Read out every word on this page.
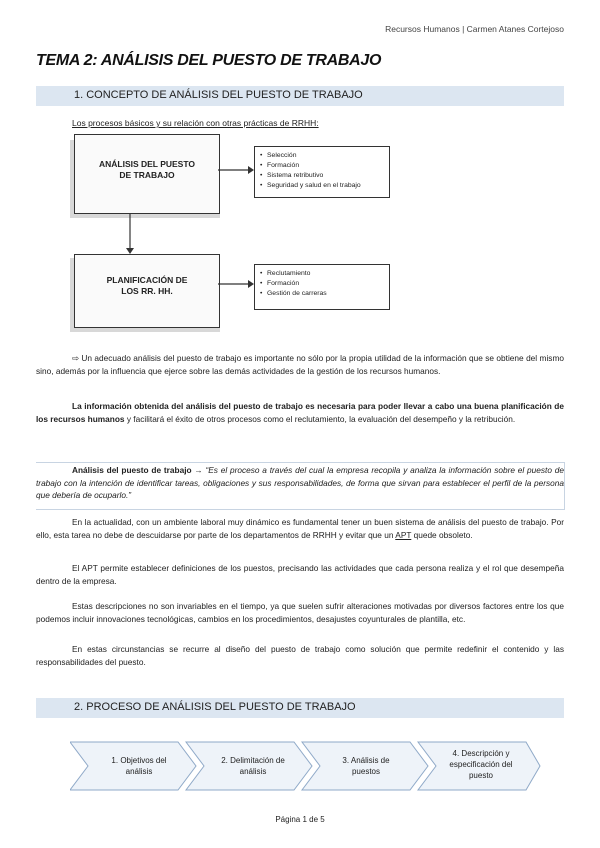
Recursos Humanos | Carmen Atanes Cortejoso
TEMA 2: ANÁLISIS DEL PUESTO DE TRABAJO
1. CONCEPTO DE ANÁLISIS DEL PUESTO DE TRABAJO
Los procesos básicos y su relación con otras prácticas de RRHH:
ANÁLISIS DEL PUESTO DE TRABAJO
• Selección
• Formación
• Sistema retributivo
• Seguridad y salud en el trabajo
PLANIFICACIÓN DE LOS RR. HH.
• Reclutamiento
• Formación
• Gestión de carreras
⇨ Un adecuado análisis del puesto de trabajo es importante no sólo por la propia utilidad de la información que se obtiene del mismo sino, además por la influencia que ejerce sobre las demás actividades de la gestión de los recursos humanos.
La información obtenida del análisis del puesto de trabajo es necesaria para poder llevar a cabo una buena planificación de los recursos humanos y facilitará el éxito de otros procesos como el reclutamiento, la evaluación del desempeño y la retribución.
Análisis del puesto de trabajo → “Es el proceso a través del cual la empresa recopila y analiza la información sobre el puesto de trabajo con la intención de identificar tareas, obligaciones y sus responsabilidades, de forma que sirvan para establecer el perfil de la persona que debería de ocuparlo.”
En la actualidad, con un ambiente laboral muy dinámico es fundamental tener un buen sistema de análisis del puesto de trabajo. Por ello, esta tarea no debe de descuidarse por parte de los departamentos de RRHH y evitar que un APT quede obsoleto.
El APT permite establecer definiciones de los puestos, precisando las actividades que cada persona realiza y el rol que desempeña dentro de la empresa.
Estas descripciones no son invariables en el tiempo, ya que suelen sufrir alteraciones motivadas por diversos factores entre los que podemos incluir innovaciones tecnológicas, cambios en los procedimientos, desajustes coyunturales de plantilla, etc.
En estas circunstancias se recurre al diseño del puesto de trabajo como solución que permite redefinir el contenido y las responsabilidades del puesto.
2. PROCESO DE ANÁLISIS DEL PUESTO DE TRABAJO
1. Objetivos del análisis
2. Delimitación de análisis
3. Análisis de puestos
4. Descripción y especificación del puesto
Página 1 de 5
